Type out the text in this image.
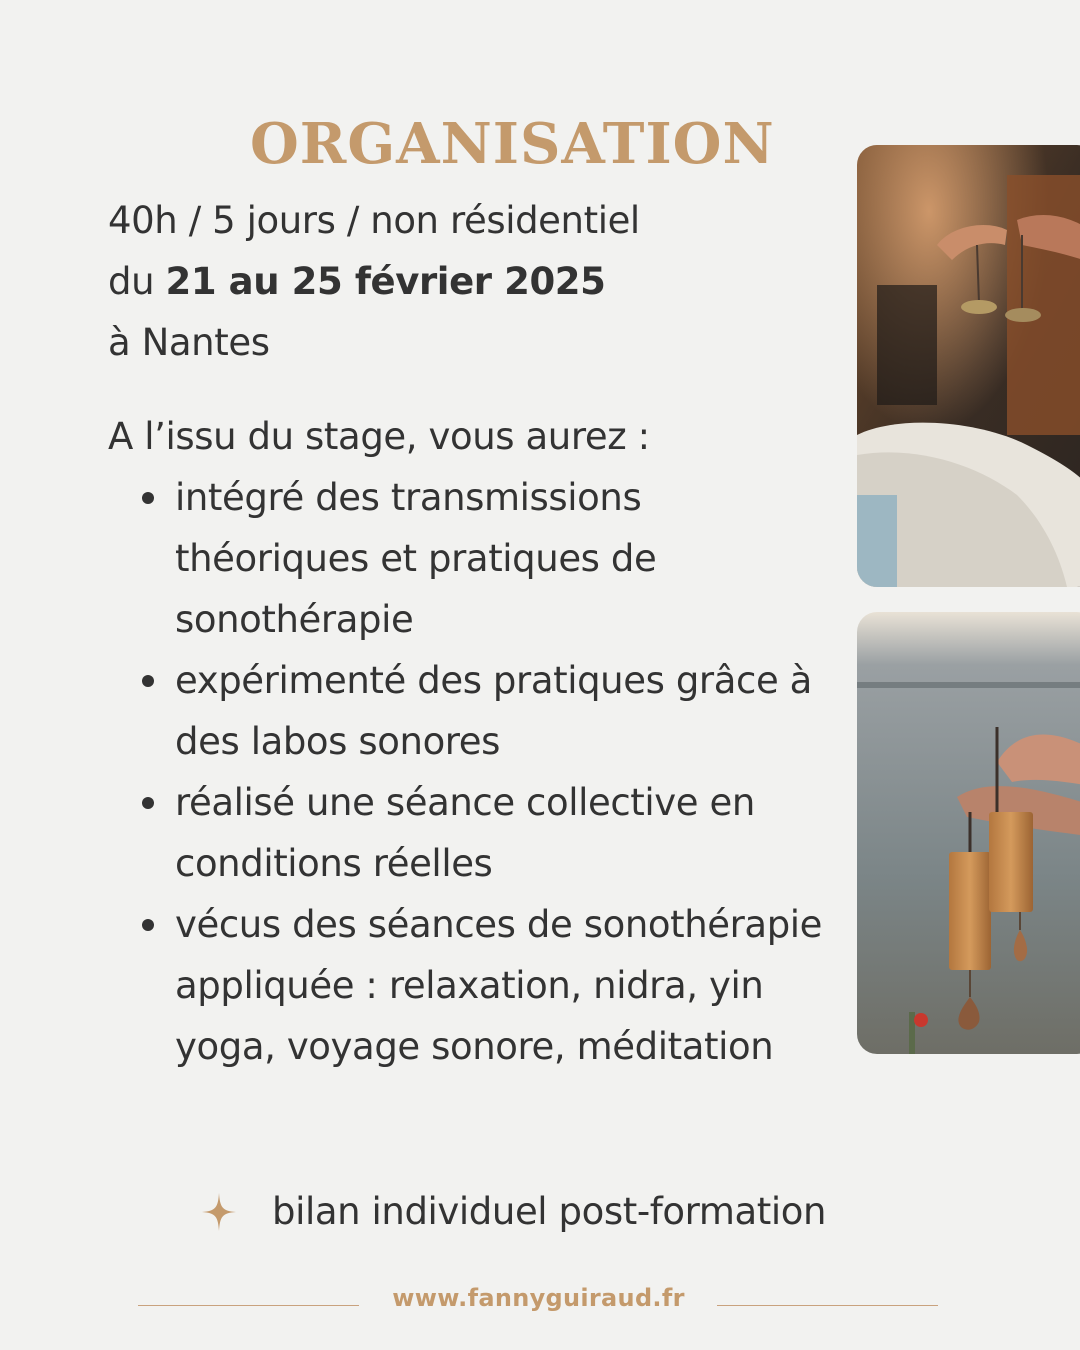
ORGANISATION
40h / 5 jours / non résidentiel
du 21 au 25 février 2025
à Nantes
A l’issu du stage, vous aurez :
intégré des transmissions théoriques et pratiques de sonothérapie
expérimenté des pratiques grâce à des labos sonores
réalisé une séance collective en conditions réelles
vécus des séances de sonothérapie appliquée : relaxation, nidra, yin yoga, voyage sonore, méditation
bilan individuel post-formation
www.fannyguiraud.fr
